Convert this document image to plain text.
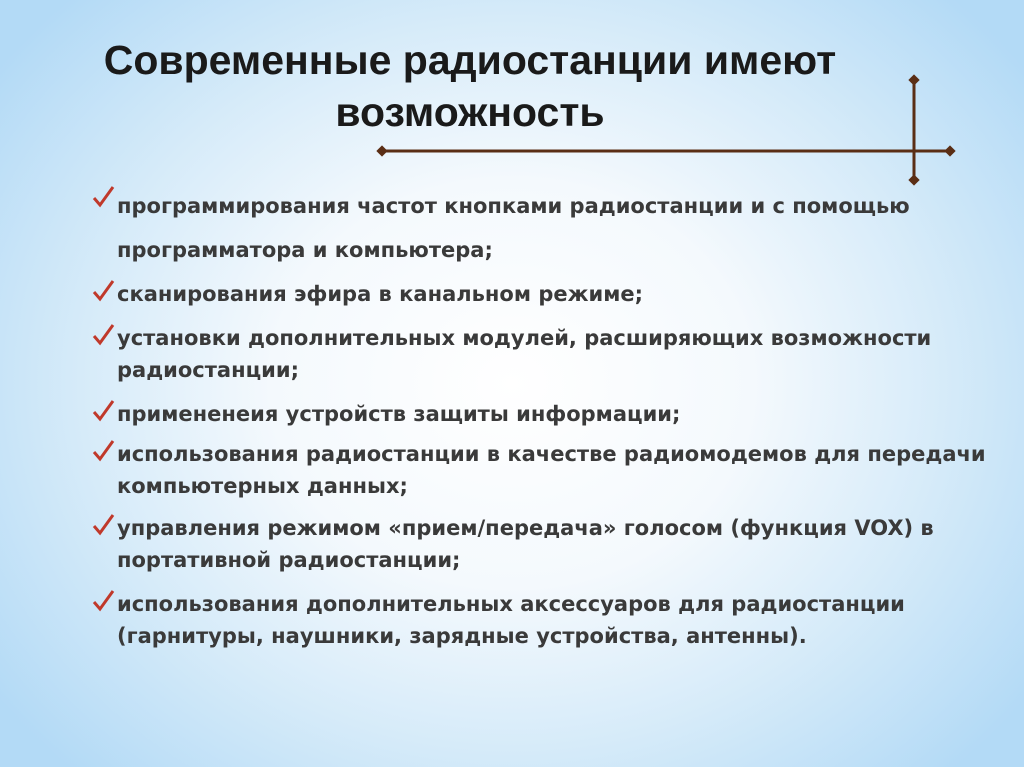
Современные радиостанции имеют
возможность
программирования частот кнопками радиостанции и с помощью программатора и компьютера;
сканирования эфира в канальном режиме;
установки дополнительных модулей, расширяющих возможности радиостанции;
примененеия устройств защиты информации;
использования радиостанции в качестве радиомодемов для передачи компьютерных данных;
управления режимом «прием/передача» голосом (функция VOX) в портативной радиостанции;
использования дополнительных аксессуаров для радиостанции (гарнитуры, наушники, зарядные устройства, антенны).
